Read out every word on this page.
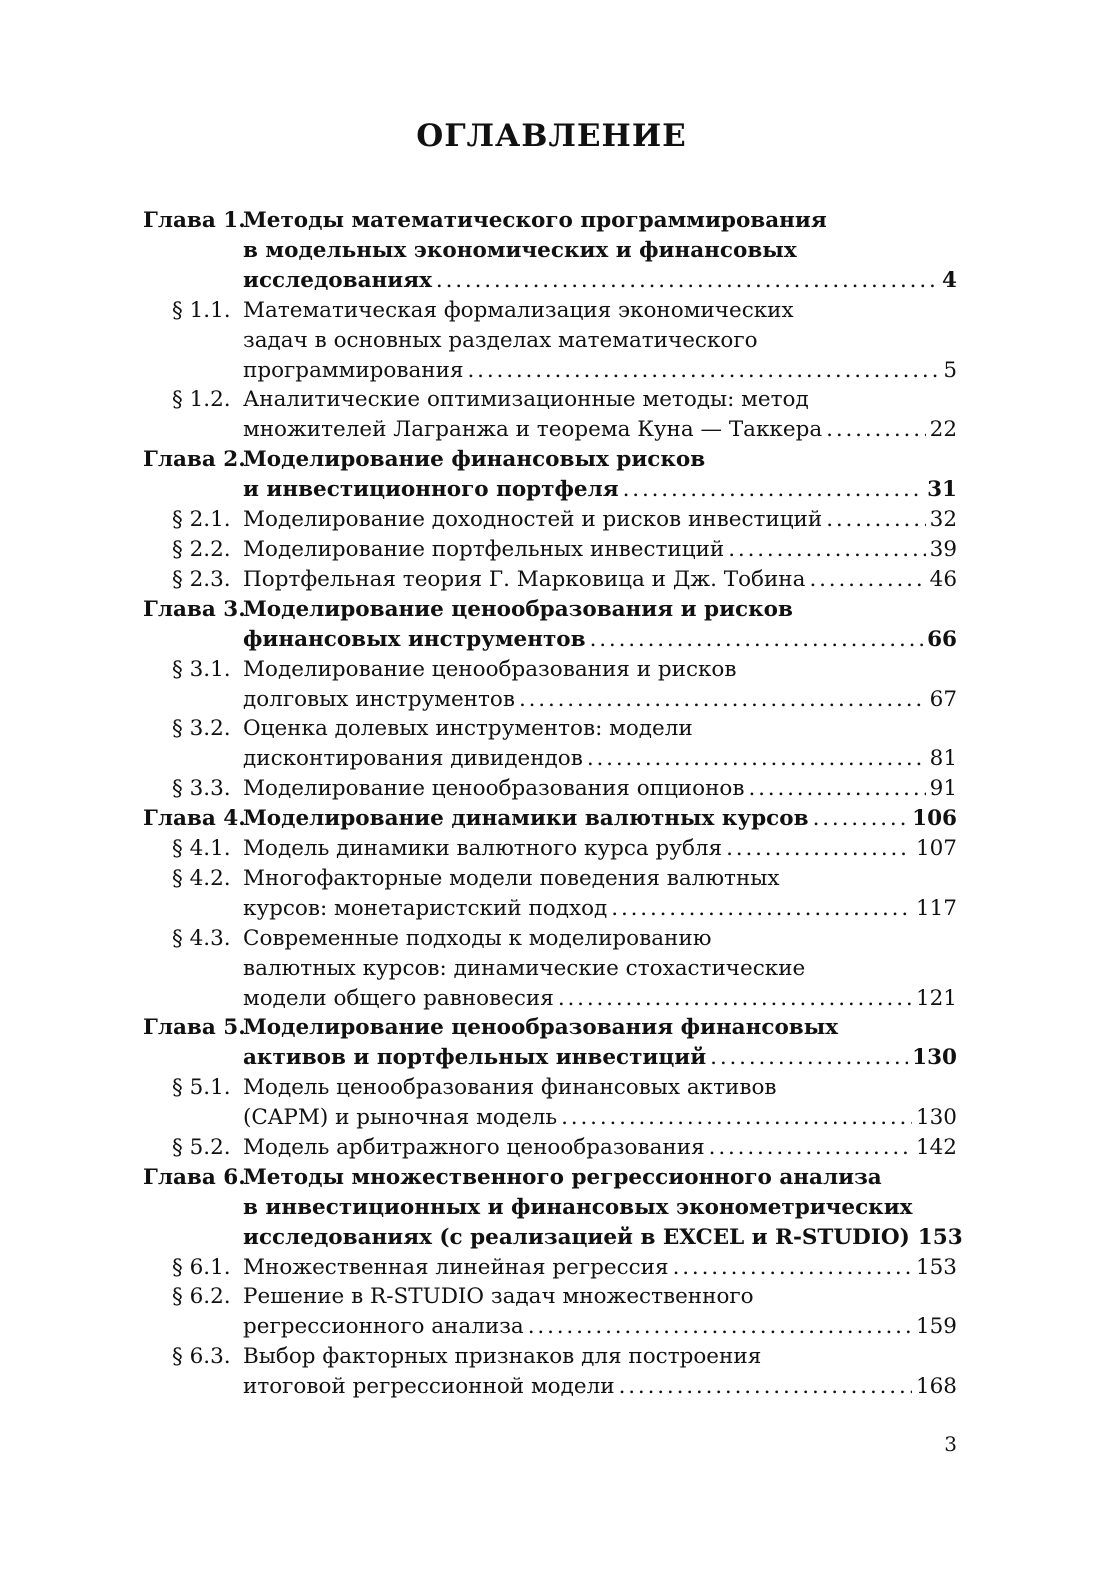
ОГЛАВЛЕНИЕ
Глава 1.
Методы математического программирования
в модельных экономических и финансовых
исследованиях . . .	4
§ 1.1. Математическая формализация экономических
задач в основных разделах математического
программирования . . .	5
§ 1.2. Аналитические оптимизационные методы: метод
множителей Лагранжа и теорема Куна — Таккера . . .	22
Глава 2.
Моделирование финансовых рисков
и инвестиционного портфеля . . .	31
§ 2.1. Моделирование доходностей и рисков инвестиций . . .	32
§ 2.2. Моделирование портфельных инвестиций . . .	39
§ 2.3. Портфельная теория Г. Марковица и Дж. Тобина . . .	46
Глава 3.
Моделирование ценообразования и рисков
финансовых инструментов . . .	66
§ 3.1. Моделирование ценообразования и рисков
долговых инструментов . . .	67
§ 3.2. Оценка долевых инструментов: модели
дисконтирования дивидендов . . .	81
§ 3.3. Моделирование ценообразования опционов . . .	91
Глава 4.
Моделирование динамики валютных курсов . . .	106
§ 4.1. Модель динамики валютного курса рубля . . .	107
§ 4.2. Многофакторные модели поведения валютных
курсов: монетаристский подход . . .	117
§ 4.3. Современные подходы к моделированию
валютных курсов: динамические стохастические
модели общего равновесия . . .	121
Глава 5.
Моделирование ценообразования финансовых
активов и портфельных инвестиций . . .	130
§ 5.1. Модель ценообразования финансовых активов
(CAPM) и рыночная модель . . .	130
§ 5.2. Модель арбитражного ценообразования . . .	142
Глава 6.
Методы множественного регрессионного анализа
в инвестиционных и финансовых эконометрических
исследованиях (с реализацией в EXCEL и R-STUDIO) 153
§ 6.1. Множественная линейная регрессия . . .	153
§ 6.2. Решение в R-STUDIO задач множественного
регрессионного анализа . . .	159
§ 6.3. Выбор факторных признаков для построения
итоговой регрессионной модели . . .	168
3
